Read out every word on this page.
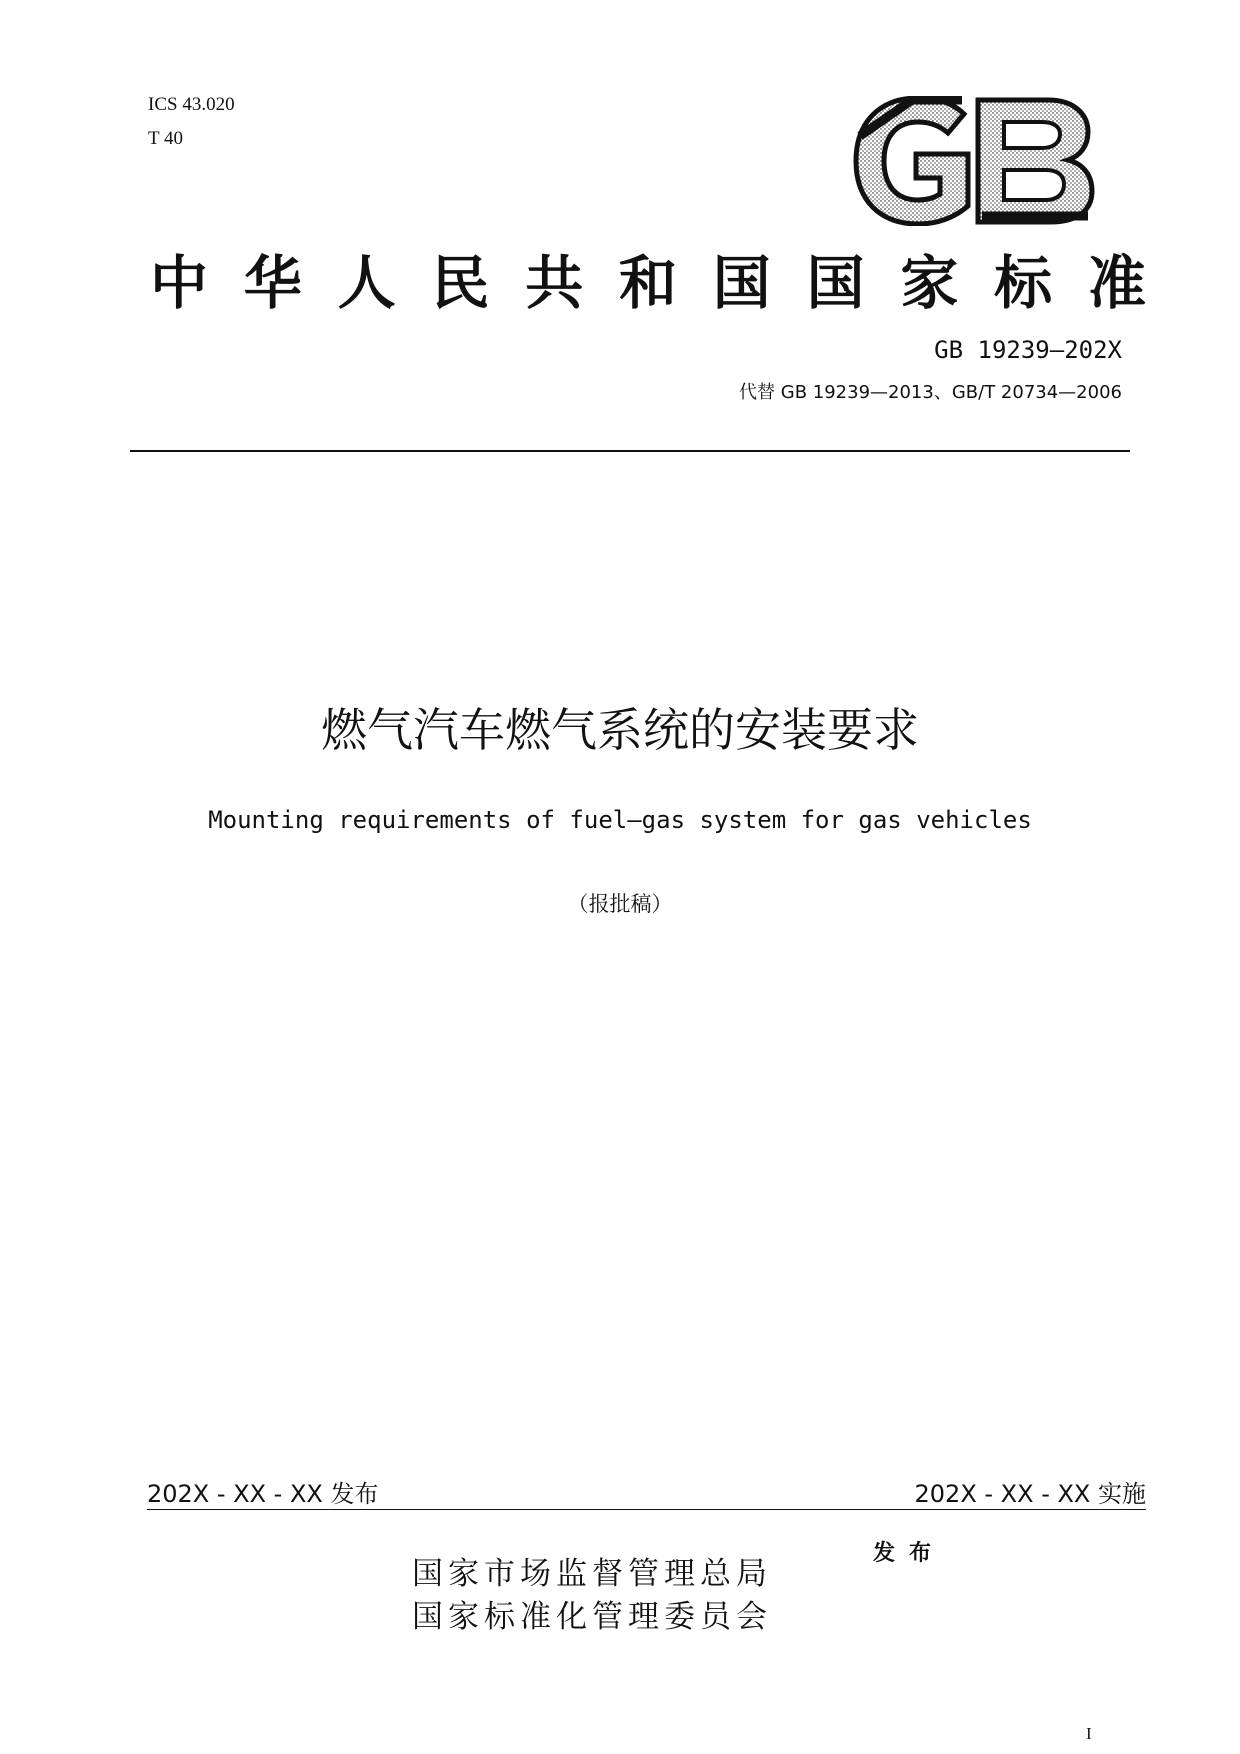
ICS 43.020
T 40
中 华 人 民 共 和 国 国 家 标 准
GB 19239—202X
代替 GB 19239—2013、GB/T 20734—2006
燃气汽车燃气系统的安装要求
Mounting requirements of fuel—gas system for gas vehicles
（报批稿）
202X - XX - XX 发布	202X - XX - XX 实施
国家市场监督管理总局
国家标准化管理委员会
发布
I
